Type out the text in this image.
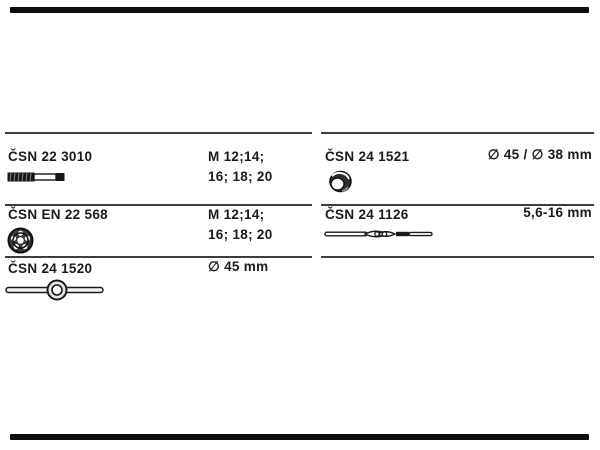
ČSN 22 3010	M 12;14;
16; 18; 20
ČSN EN 22 568	M 12;14;
16; 18; 20
ČSN 24 1520	∅ 45 mm
ČSN 24 1521	∅ 45 / ∅ 38 mm
ČSN 24 1126	5,6-16 mm
